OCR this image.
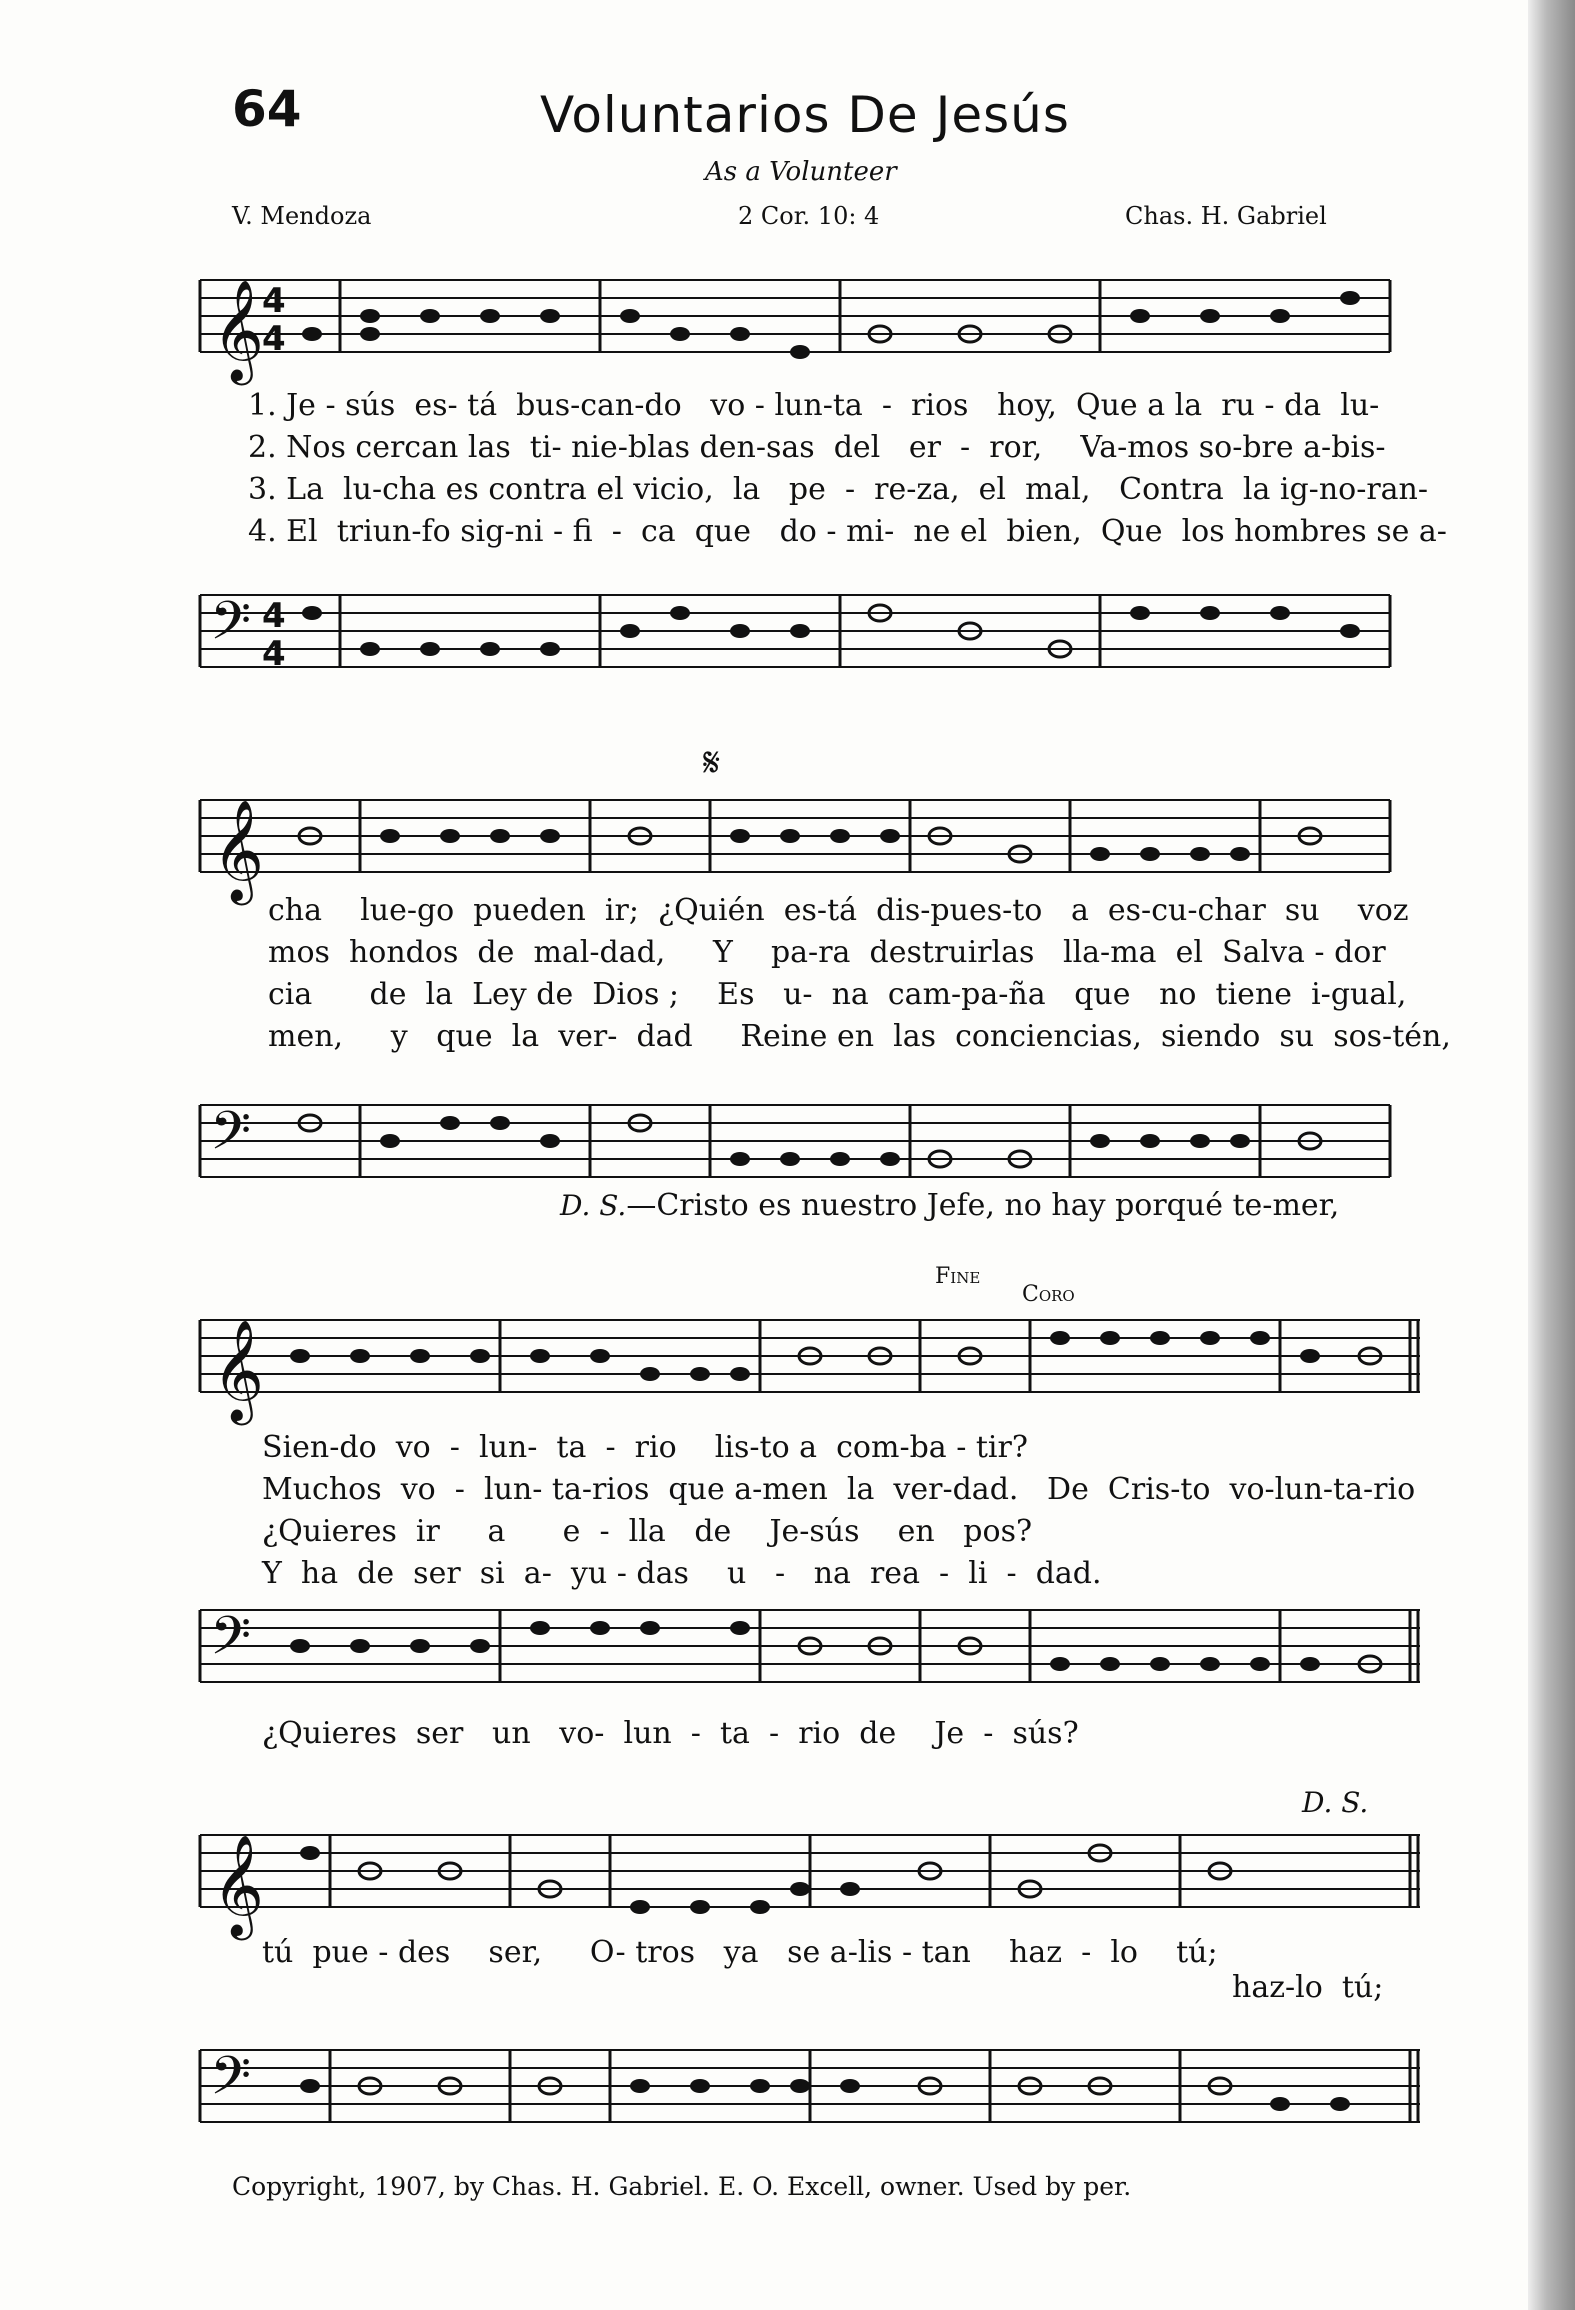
64	Voluntarios De Jesús
As a Volunteer
V. Mendoza	2 Cor. 10: 4	Chas. H. Gabriel
𝄞
4
4
1. Je - sús  es- tá  bus-can-do   vo - lun-ta  -  rios   hoy,  Que a la  ru - da  lu-
2. Nos cercan las  ti- nie-blas den-sas  del   er  -  ror,    Va-mos so-bre a-bis-
3. La  lu-cha es contra el vicio,  la   pe  -  re-za,  el  mal,   Contra  la ig-no-ran-
4. El  triun-fo sig-ni - fi  -  ca  que   do - mi-  ne el  bien,  Que  los hombres se a-
𝄢 4
4
𝄋
𝄞
cha    lue-go  pueden  ir;  ¿Quién  es-tá  dis-pues-to   a  es-cu-char  su    voz
mos  hondos  de  mal-dad,     Y    pa-ra  destruirlas   lla-ma  el  Salva - dor
cia      de  la  Ley de  Dios ;    Es   u-  na  cam-pa-ña   que   no  tiene  i-gual,
men,     y   que  la  ver-  dad     Reine en  las  conciencias,  siendo  su  sos-tén,
𝄢
D. S.—Cristo es nuestro Jefe, no hay porqué te-mer,
Fine
Coro
𝄞
Sien-do  vo  -  lun-  ta  -  rio    lis-to a  com-ba - tir?
Muchos  vo  -  lun- ta-rios  que a-men  la  ver-dad.   De  Cris-to  vo-lun-ta-rio
¿Quieres  ir     a      e  -  lla   de    Je-sús    en   pos?
Y  ha  de  ser  si  a-  yu - das    u   -   na  rea  -  li  -  dad.
𝄢
¿Quieres  ser   un   vo-  lun  -  ta  -  rio  de    Je  -  sús?
D. S.
𝄞
tú  pue - des    ser,     O- tros   ya   se a-lis - tan    haz  -  lo    tú;
haz-lo  tú;
𝄢
Copyright, 1907, by Chas. H. Gabriel. E. O. Excell, owner. Used by per.
